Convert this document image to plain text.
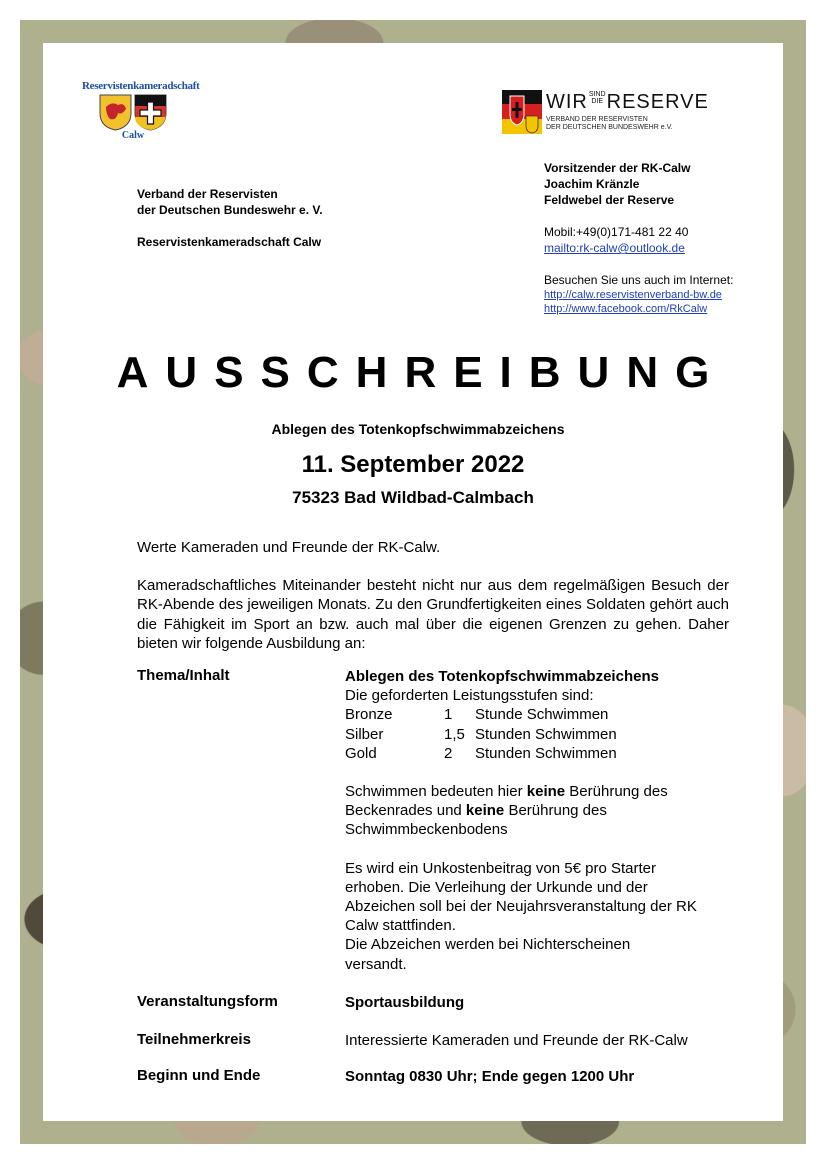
Reservistenkameradschaft
Calw
WIRSIND
DIE RESERVE
VERBAND DER RESERVISTEN
DER DEUTSCHEN BUNDESWEHR e.V.

Verband der Reservisten

der Deutschen Bundeswehr e. V.

Reservistenkameradschaft Calw

Vorsitzender der RK-Calw

Joachim Kränzle

Feldwebel der Reserve

Mobil:+49(0)171-481 22 40

mailto:rk-calw@outlook.de

Besuchen Sie uns auch im Internet:

http://calw.reservistenverband-bw.de

http://www.facebook.com/RkCalw

AUSSCHREIBUNG
Ablegen des Totenkopfschwimmabzeichens
11. September 2022
75323 Bad Wildbad-Calmbach

Werte Kameraden und Freunde der RK-Calw.

Kameradschaftliches Miteinander besteht nicht nur aus dem regelmäßigen Besuch der RK-Abende des jeweiligen Monats. Zu den Grundfertigkeiten eines Soldaten gehört auch die Fähigkeit im Sport an bzw. auch mal über die eigenen Grenzen zu gehen. Daher bieten wir folgende Ausbildung an:

Thema/Inhalt	Ablegen des Totenkopfschwimmabzeichens

Die geforderten Leistungsstufen sind:

Bronze	1	Stunde Schwimmen
Silber	1,5	Stunden Schwimmen
Gold	2	Stunden Schwimmen

Schwimmen bedeuten hier keine Berührung des Beckenrades und keine Berührung des Schwimmbeckenbodens

Es wird ein Unkostenbeitrag von 5€ pro Starter erhoben. Die Verleihung der Urkunde und der Abzeichen soll bei der Neujahrsveranstaltung der RK Calw stattfinden.

Die Abzeichen werden bei Nichterscheinen versandt.

Veranstaltungsform	Sportausbildung
Teilnehmerkreis	Interessierte Kameraden und Freunde der RK-Calw
Beginn und Ende	Sonntag 0830 Uhr; Ende gegen 1200 Uhr
